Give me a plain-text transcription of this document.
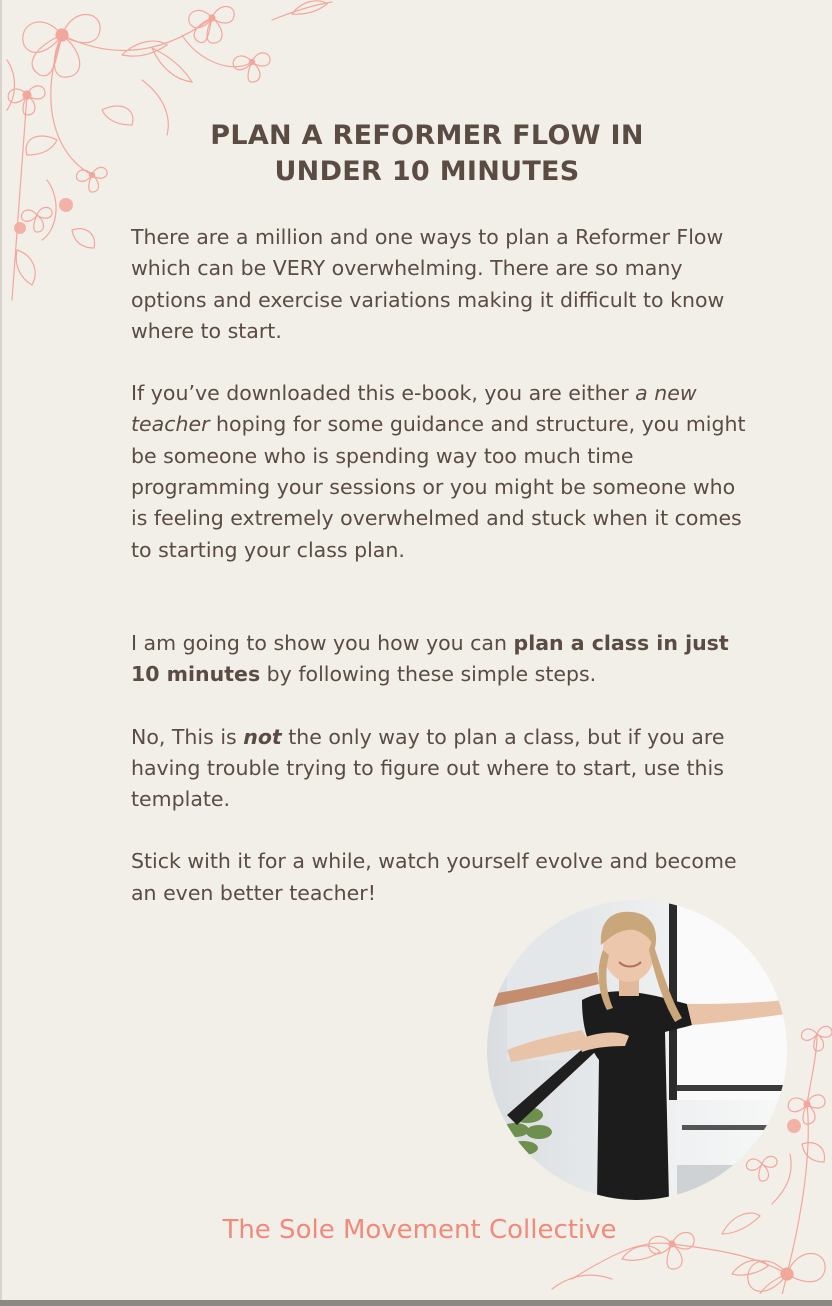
PLAN A REFORMER FLOW IN
UNDER 10 MINUTES

There are a million and one ways to plan a Reformer Flow which can be VERY overwhelming. There are so many options and exercise variations making it difficult to know where to start.

If you’ve downloaded this e-book, you are either a new teacher hoping for some guidance and structure, you might be someone who is spending way too much time programming your sessions or you might be someone who is feeling extremely overwhelmed and stuck when it comes to starting your class plan.

I am going to show you how you can plan a class in just 10 minutes by following these simple steps.

No, This is not the only way to plan a class, but if you are having trouble trying to figure out where to start, use this template.

Stick with it for a while, watch yourself evolve and become an even better teacher!

The Sole Movement Collective
